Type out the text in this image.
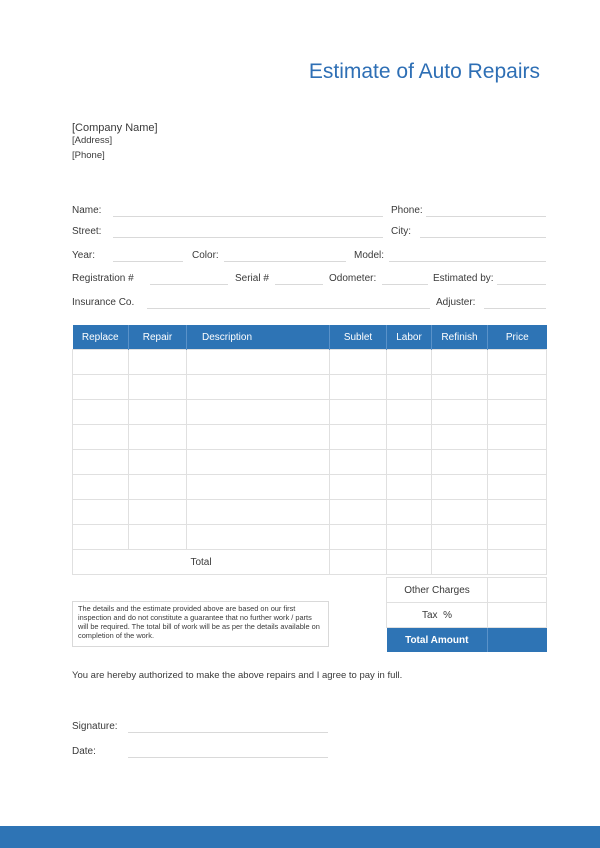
Estimate of Auto Repairs
[Company Name]
[Address]
[Phone]
Name:	Phone:
Street:	City:
Year:	Color:	Model:
Registration #	Serial #	Odometer:	Estimated by:
Insurance Co.	Adjuster:
Replace	Repair	Description	Sublet	Labor	Refinish	Price

Total						
Other Charges	
Tax  %	
Total Amount	
The details and the estimate provided above are based on our first inspection and do not constitute a guarantee that no further work / parts will be required. The total bill of work will be as per the details available on completion of the work.
You are hereby authorized to make the above repairs and I agree to pay in full.
Signature:
Date:
